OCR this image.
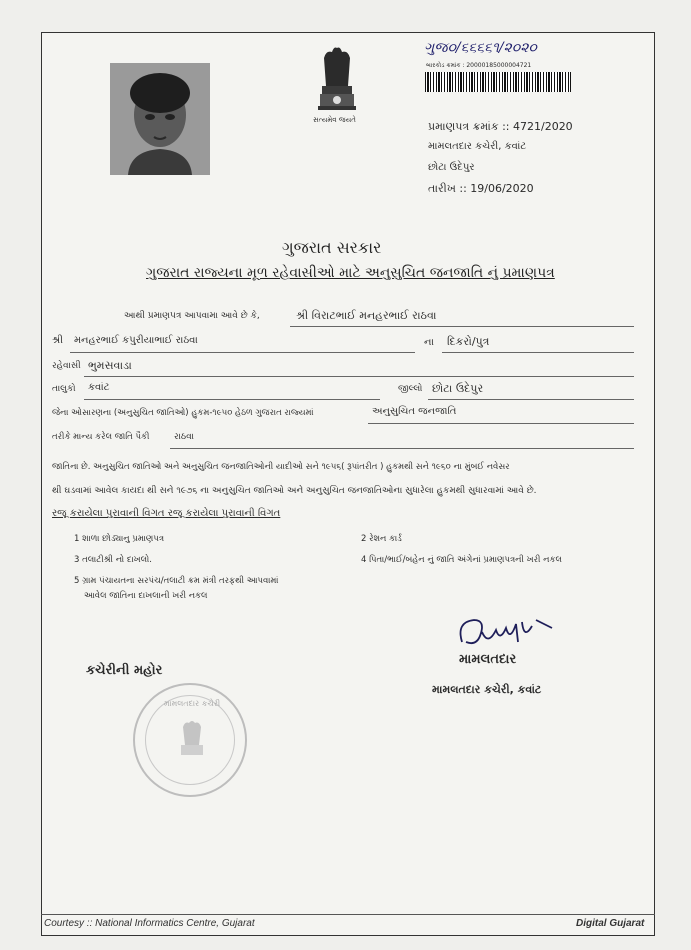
સત્યમેવ જયતે
ગુજ૦/૬૬૬૬૧/૨૦૨૦
બારકોડ ક્રમાંક : 20000185000004721
પ્રમાણપત્ર ક્રમાંક :: 4721/2020
મામલતદાર કચેરી, કવાંટ
છોટા ઉદેપુર
તારીખ :: 19/06/2020
ગુજરાત સરકાર
ગુજરાત રાજ્યના મૂળ રહેવાસીઓ માટે અનુસુચિત જનજાતિ નું પ્રમાણપત્ર
આથી પ્રમાણપત્ર આપવામા આવે છે કે,	શ્રી વિરાટભાઈ મનહરભાઈ રાઠવા
શ્રી મનહરભાઈ કપુરીયાભાઈ રાઠવા	ના દિકરો/પુત્ર
રહેવાસી ભુમસવાડા
તાલુકો કવાંટ	જીલ્લો છોટા ઉદેપુર
જેના ઓસારણના (અનુસુચિત જાતિઓ) હુકમ-૧૯૫૦ હેઠળ ગુજરાત રાજ્યમાં	અનુસુચિત જનજાતિ
તરીકે માન્ય કરેલ જાતિ પૈકી	રાઠવા
જાતિના છે. અનુસુચિત જાતિઓ અને અનુસુચિત જનજાતિઓની યાદીઓ સને ૧૯૫૬( રૂપાંતરીત ) હુકમથી સને ૧૯૬૦ ના મુંબઈ નવેસર
થી ઘડવામાં આવેલ કાયદા થી સને ૧૯૭૬ ના અનુસુચિત જાતિઓ અને અનુસુચિત જનજાતિઓના સુધારેલા હુકમથી સુધારવામાં આવે છે.
રજૂ કરાયેલા પુરાવાની વિગત રજૂ કરાયેલા પુરાવાની વિગત
1 શાળા છોડ્યાનુ પ્રમાણપત્ર	2 રેશન કાર્ડ
3 તલાટીશ્રી નો દાખલો.	4 પિતા/ભાઈ/બહેન નું જાતિ અંગેનાં પ્રમાણપત્રની ખરી નકલ
5 ગ્રામ પંચાયતના સરપંચ/તલાટી ક્રમ મંત્રી તરફથી આપવામાં
આવેલ જાતિના દાખલાની ખરી નકલ
મામલતદાર
મામલતદાર કચેરી, કવાંટ
કચેરીની મહોર
મામલતદાર કચેરી
Courtesy :: National Informatics Centre, Gujarat	Digital Gujarat
